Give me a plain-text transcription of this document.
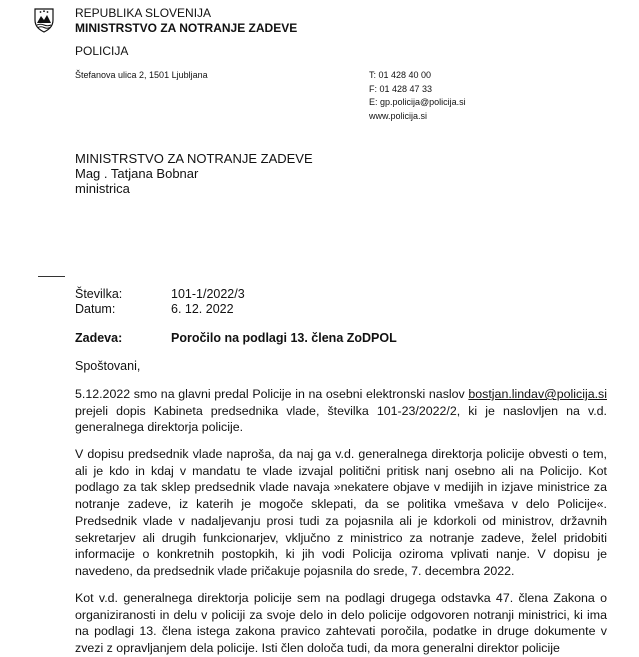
REPUBLIKA SLOVENIJA
MINISTRSTVO ZA NOTRANJE ZADEVE
POLICIJA
Štefanova ulica 2, 1501 Ljubljana	T: 01 428 40 00
F: 01 428 47 33
E: gp.policija@policija.si
www.policija.si
MINISTRSTVO ZA NOTRANJE ZADEVE
Mag . Tatjana Bobnar
ministrica
Številka:	101-1/2022/3
Datum:	6. 12. 2022
Zadeva:	Poročilo na podlagi 13. člena ZoDPOL
Spoštovani,
5.12.2022 smo na glavni predal Policije in na osebni elektronski naslov bostjan.lindav@policija.si prejeli dopis Kabineta predsednika vlade, številka 101-23/2022/2, ki je naslovljen na v.d. generalnega direktorja policije.
V dopisu predsednik vlade naproša, da naj ga v.d. generalnega direktorja policije obvesti o tem, ali je kdo in kdaj v mandatu te vlade izvajal politični pritisk nanj osebno ali na Policijo. Kot podlago za tak sklep predsednik vlade navaja »nekatere objave v medijih in izjave ministrice za notranje zadeve, iz katerih je mogoče sklepati, da se politika vmešava v delo Policije«. Predsednik vlade v nadaljevanju prosi tudi za pojasnila ali je kdorkoli od ministrov, državnih sekretarjev ali drugih funkcionarjev, vključno z ministrico za notranje zadeve, želel pridobiti informacije o konkretnih postopkih, ki jih vodi Policija oziroma vplivati nanje. V dopisu je navedeno, da predsednik vlade pričakuje pojasnila do srede, 7. decembra 2022.
Kot v.d. generalnega direktorja policije sem na podlagi drugega odstavka 47. člena Zakona o organiziranosti in delu v policiji za svoje delo in delo policije odgovoren notranji ministrici, ki ima na podlagi 13. člena istega zakona pravico zahtevati poročila, podatke in druge dokumente v zvezi z opravljanjem dela policije. Isti člen določa tudi, da mora generalni direktor policije
